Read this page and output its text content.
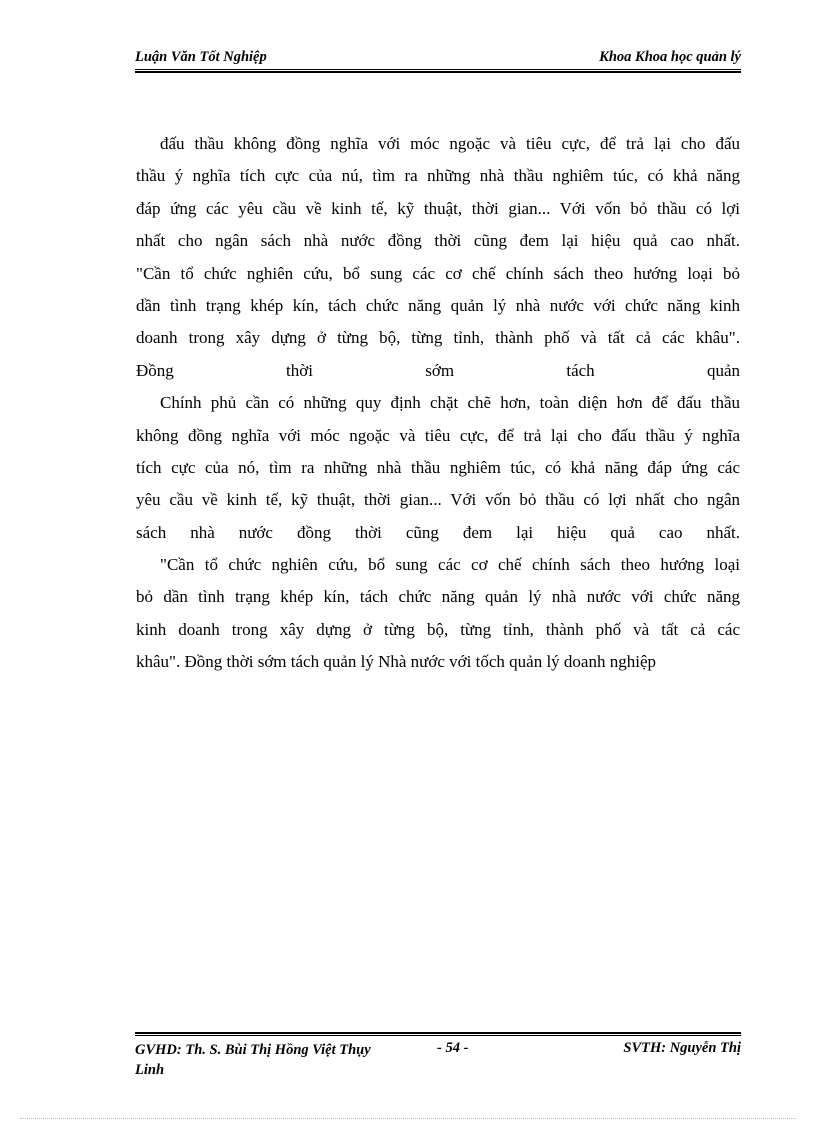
Luận Văn Tốt Nghiệp	Khoa Khoa học quản lý
đấu thầu không đồng nghĩa với móc ngoặc và tiêu cực, để trả lại cho đấu
thầu ý nghĩa tích cực của nú, tìm ra những nhà thầu nghiêm túc, có khả năng
đáp ứng các yêu cầu về kinh tế, kỹ thuật, thời gian... Với vốn bỏ thầu có lợi
nhất cho ngân sách nhà nước đồng thời cũng đem lại hiệu quả cao nhất.
"Cần tổ chức nghiên cứu, bổ sung các cơ chế chính sách theo hướng loại bỏ
dần tình trạng khép kín, tách chức năng quản lý nhà nước với chức năng kinh
doanh trong xây dựng ở từng bộ, từng tỉnh, thành phố và tất cả các khâu".
Đồng thời sớm tách quản
Chính phủ cần có những quy định chặt chẽ hơn, toàn diện hơn để đấu thầu
không đồng nghĩa với móc ngoặc và tiêu cực, để trả lại cho đấu thầu ý nghĩa
tích cực của nó, tìm ra những nhà thầu nghiêm túc, có khả năng đáp ứng các
yêu cầu về kinh tế, kỹ thuật, thời gian... Với vốn bỏ thầu có lợi nhất cho ngân
sách nhà nước đồng thời cũng đem lại hiệu quả cao nhất.
"Cần tổ chức nghiên cứu, bổ sung các cơ chế chính sách theo hướng loại
bỏ dần tình trạng khép kín, tách chức năng quản lý nhà nước với chức năng
kinh doanh trong xây dựng ở từng bộ, từng tỉnh, thành phố và tất cả các
khâu". Đồng thời sớm tách quản lý Nhà nước với tốch quản lý doanh nghiệp
GVHD: Th. S. Bùi Thị Hồng Việt Thụy Linh
- 54 -	SVTH: Nguyễn Thị
